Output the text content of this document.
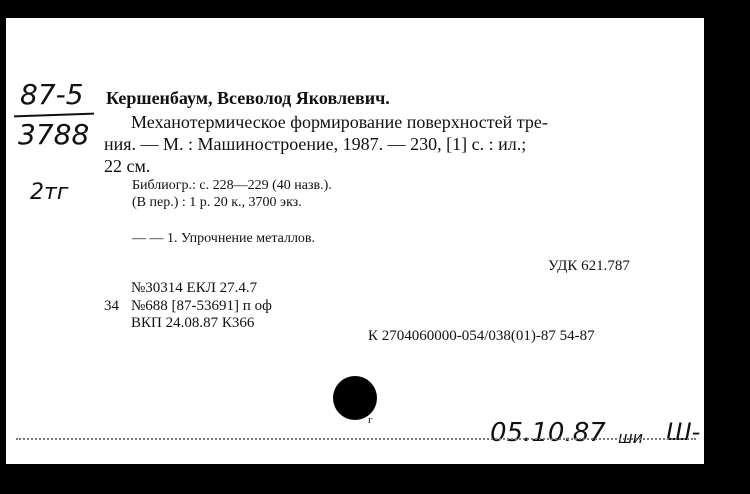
87-5
3788
2тг
Кершенбаум, Всеволод Яковлевич.
Механотермическое формирование поверхностей тре-
ния. — М. : Машиностроение, 1987. — 230, [1] с. : ил.;
22 см.
Библиогр.: с. 228—229 (40 назв.).
(В пер.) : 1 р. 20 к., 3700 экз.
— — 1. Упрочнение металлов.
УДК 621.787
№30314 ЕКЛ 27.4.7
34 №688 [87-53691] п оф
ВКП 24.08.87 К366
К 2704060000-054/038(01)-87 54-87
г	05.10.87 ши Ш-
